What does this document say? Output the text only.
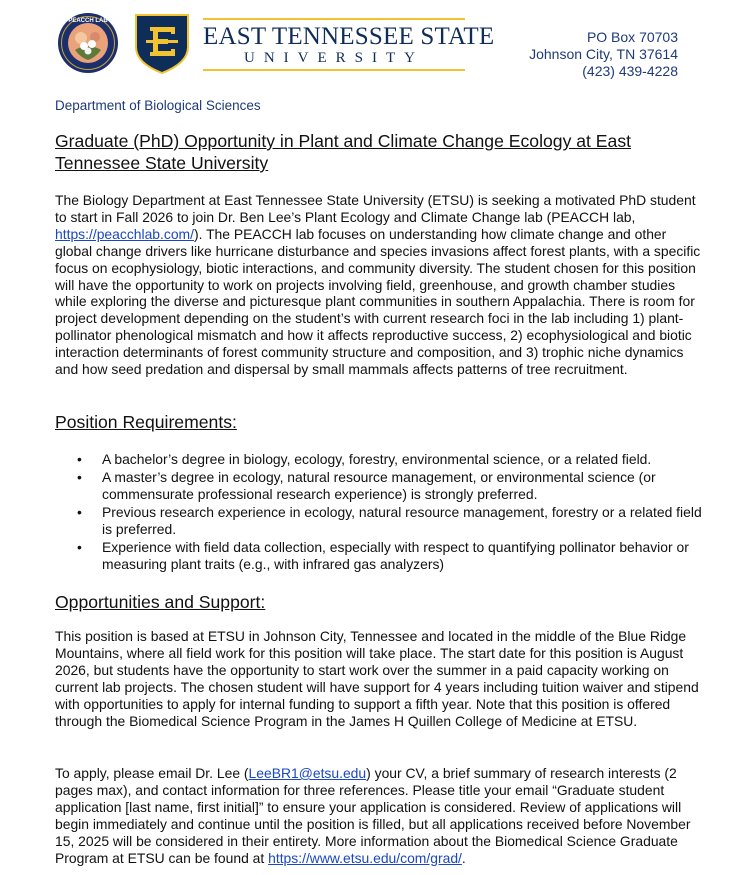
PEACCH LAB
EAST TENNESSEE STATE
UNIVERSITY
PO Box 70703
Johnson City, TN 37614
(423) 439-4228
Department of Biological Sciences
Graduate (PhD) Opportunity in Plant and Climate Change Ecology at East Tennessee State University
The Biology Department at East Tennessee State University (ETSU) is seeking a motivated PhD student to start in Fall 2026 to join Dr. Ben Lee’s Plant Ecology and Climate Change lab (PEACCH lab, https://peacchlab.com/). The PEACCH lab focuses on understanding how climate change and other global change drivers like hurricane disturbance and species invasions affect forest plants, with a specific focus on ecophysiology, biotic interactions, and community diversity. The student chosen for this position will have the opportunity to work on projects involving field, greenhouse, and growth chamber studies while exploring the diverse and picturesque plant communities in southern Appalachia. There is room for project development depending on the student’s with current research foci in the lab including 1) plant-pollinator phenological mismatch and how it affects reproductive success, 2) ecophysiological and biotic interaction determinants of forest community structure and composition, and 3) trophic niche dynamics and how seed predation and dispersal by small mammals affects patterns of tree recruitment.
Position Requirements:
• A bachelor’s degree in biology, ecology, forestry, environmental science, or a related field.
• A master’s degree in ecology, natural resource management, or environmental science (or commensurate professional research experience) is strongly preferred.
• Previous research experience in ecology, natural resource management, forestry or a related field is preferred.
• Experience with field data collection, especially with respect to quantifying pollinator behavior or measuring plant traits (e.g., with infrared gas analyzers)
Opportunities and Support:
This position is based at ETSU in Johnson City, Tennessee and located in the middle of the Blue Ridge Mountains, where all field work for this position will take place. The start date for this position is August 2026, but students have the opportunity to start work over the summer in a paid capacity working on current lab projects. The chosen student will have support for 4 years including tuition waiver and stipend with opportunities to apply for internal funding to support a fifth year. Note that this position is offered through the Biomedical Science Program in the James H Quillen College of Medicine at ETSU.
To apply, please email Dr. Lee (LeeBR1@etsu.edu) your CV, a brief summary of research interests (2 pages max), and contact information for three references. Please title your email “Graduate student application [last name, first initial]” to ensure your application is considered. Review of applications will begin immediately and continue until the position is filled, but all applications received before November 15, 2025 will be considered in their entirety. More information about the Biomedical Science Graduate Program at ETSU can be found at https://www.etsu.edu/com/grad/.
